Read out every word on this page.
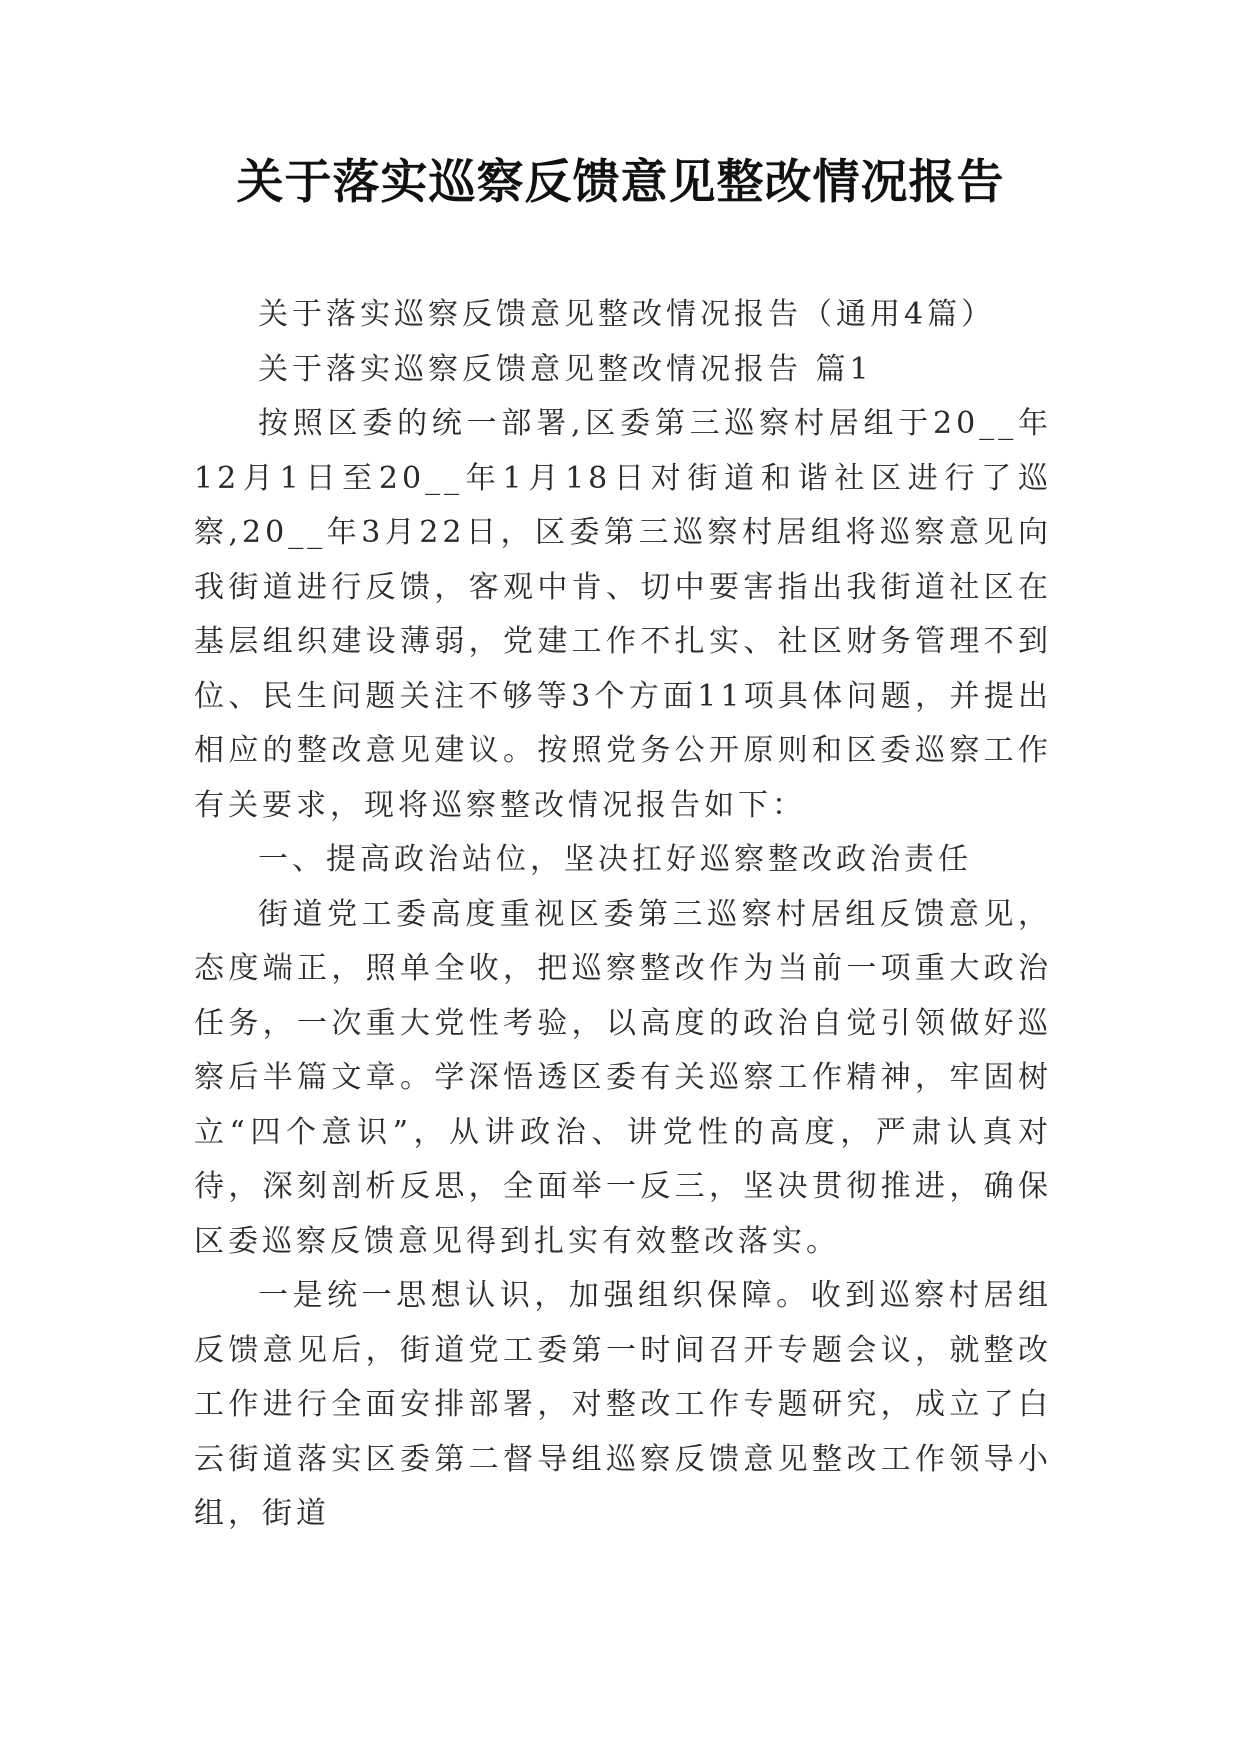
关于落实巡察反馈意见整改情况报告

关于落实巡察反馈意见整改情况报告（通用4篇）

关于落实巡察反馈意见整改情况报告 篇1

按照区委的统一部署,区委第三巡察村居组于20__年12月1日至20__年1月18日对街道和谐社区进行了巡察,20__年3月22日，区委第三巡察村居组将巡察意见向我街道进行反馈，客观中肯、切中要害指出我街道社区在基层组织建设薄弱，党建工作不扎实、社区财务管理不到位、民生问题关注不够等3个方面11项具体问题，并提出相应的整改意见建议。按照党务公开原则和区委巡察工作有关要求，现将巡察整改情况报告如下：

一、提高政治站位，坚决扛好巡察整改政治责任

街道党工委高度重视区委第三巡察村居组反馈意见，态度端正，照单全收，把巡察整改作为当前一项重大政治任务，一次重大党性考验，以高度的政治自觉引领做好巡察后半篇文章。学深悟透区委有关巡察工作精神，牢固树立“四个意识”，从讲政治、讲党性的高度，严肃认真对待，深刻剖析反思，全面举一反三，坚决贯彻推进，确保区委巡察反馈意见得到扎实有效整改落实。

一是统一思想认识，加强组织保障。收到巡察村居组反馈意见后，街道党工委第一时间召开专题会议，就整改工作进行全面安排部署，对整改工作专题研究，成立了白云街道落实区委第二督导组巡察反馈意见整改工作领导小组，街道
